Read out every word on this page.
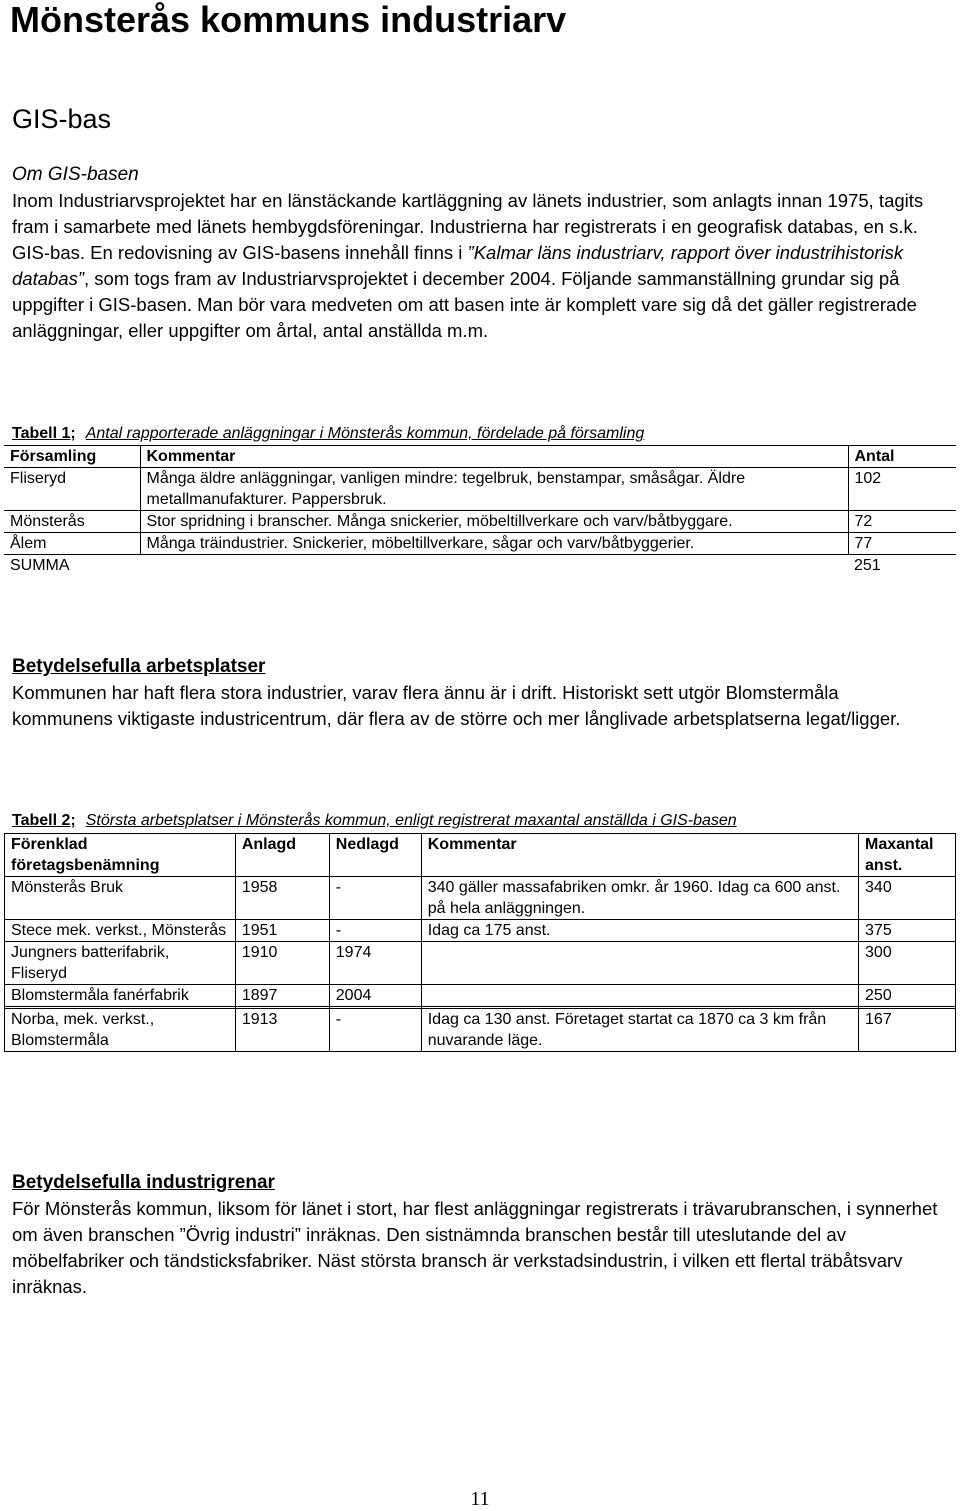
Mönsterås kommuns industriarv
GIS-bas
Om GIS-basen
Inom Industriarvsprojektet har en länstäckande kartläggning av länets industrier, som anlagts innan 1975, tagits fram i samarbete med länets hembygdsföreningar. Industrierna har registrerats i en geografisk databas, en s.k. GIS-bas. En redovisning av GIS-basens innehåll finns i ”Kalmar läns industriarv, rapport över industrihistorisk databas”, som togs fram av Industriarvsprojektet i december 2004. Följande sammanställning grundar sig på uppgifter i GIS-basen. Man bör vara medveten om att basen inte är komplett vare sig då det gäller registrerade anläggningar, eller uppgifter om årtal, antal anställda m.m.
Tabell 1; Antal rapporterade anläggningar i Mönsterås kommun, fördelade på församling
Församling	Kommentar	Antal
Fliseryd	Många äldre anläggningar, vanligen mindre: tegelbruk, benstampar, småsågar. Äldre metallmanufakturer. Pappersbruk.	102
Mönsterås	Stor spridning i branscher. Många snickerier, möbeltillverkare och varv/båtbyggare.	72
Ålem	Många träindustrier. Snickerier, möbeltillverkare, sågar och varv/båtbyggerier.	77
SUMMA		251
Betydelsefulla arbetsplatser
Kommunen har haft flera stora industrier, varav flera ännu är i drift. Historiskt sett utgör Blomstermåla kommunens viktigaste industricentrum, där flera av de större och mer långlivade arbetsplatserna legat/ligger.
Tabell 2; Största arbetsplatser i Mönsterås kommun, enligt registrerat maxantal anställda i GIS-basen
Förenklad företagsbenämning	Anlagd	Nedlagd	Kommentar	Maxantal anst.
Mönsterås Bruk	1958	-	340 gäller massafabriken omkr. år 1960. Idag ca 600 anst. på hela anläggningen.	340
Stece mek. verkst., Mönsterås	1951	-	Idag ca 175 anst.	375
Jungners batterifabrik, Fliseryd	1910	1974		300
Blomstermåla fanérfabrik	1897	2004		250

Norba, mek. verkst., Blomstermåla	1913	-	Idag ca 130 anst. Företaget startat ca 1870 ca 3 km från nuvarande läge.	167
Betydelsefulla industrigrenar
För Mönsterås kommun, liksom för länet i stort, har flest anläggningar registrerats i trävarubranschen, i synnerhet om även branschen ”Övrig industri” inräknas. Den sistnämnda branschen består till uteslutande del av möbelfabriker och tändsticksfabriker. Näst största bransch är verkstadsindustrin, i vilken ett flertal träbåtsvarv inräknas.
11
